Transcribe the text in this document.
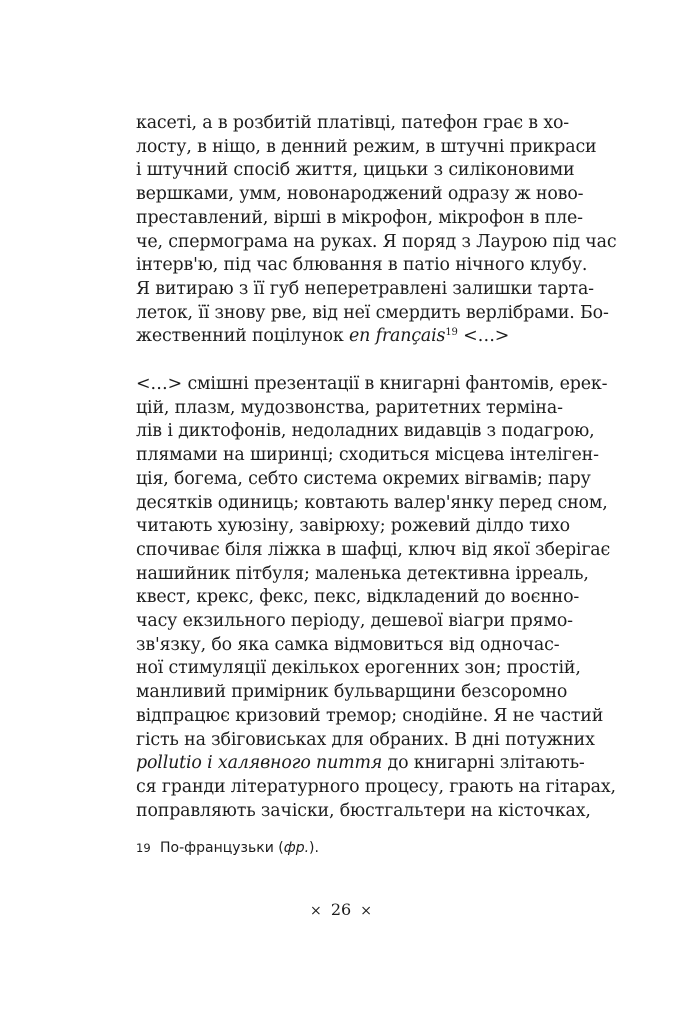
касеті, а в розбитій платівці, патефон грає в хо-
лосту, в ніщо, в денний режим, в штучні прикраси
і штучний спосіб життя, цицьки з силіконовими
вершками, умм, новонароджений одразу ж ново-
преставлений, вірші в мікрофон, мікрофон в пле-
че, спермограма на руках. Я поряд з Лаурою під час
інтерв'ю, під час блювання в патіо нічного клубу.
Я витираю з її губ неперетравлені залишки тарта-
леток, її знову рве, від неї смердить верлібрами. Бо-
жественний поцілунок en français$^{19}$ <…>
<…> смішні презентації в книгарні фантомів, ерек-
цій, плазм, мудозвонства, раритетних терміна-
лів і диктофонів, недоладних видавців з подагрою,
плямами на ширинці; сходиться місцева інтеліген-
ція, богема, себто система окремих вігвамів; пару
десятків одиниць; ковтають валер'янку перед сном,
читають хуюзіну, завірюху; рожевий ділдо тихо
спочиває біля ліжка в шафці, ключ від якої зберігає
нашийник пітбуля; маленька детективна ірреаль,
квест, крекс, фекс, пекс, відкладений до воєнно-
часу екзильного періоду, дешевої віагри прямо-
зв'язку, бо яка самка відмовиться від одночас-
ної стимуляції декількох ерогенних зон; простій,
манливий примірник бульварщини безсоромно
відпрацює кризовий тремор; снодійне. Я не частий
гість на збіговиськах для обраних. В дні потужних
pollutio і халявного пиття до книгарні злітають-
ся гранди літературного процесу, грають на гітарах,
поправляють зачіски, бюстгальтери на кісточках,
19 По-французьки (фр.).
× 26 ×
